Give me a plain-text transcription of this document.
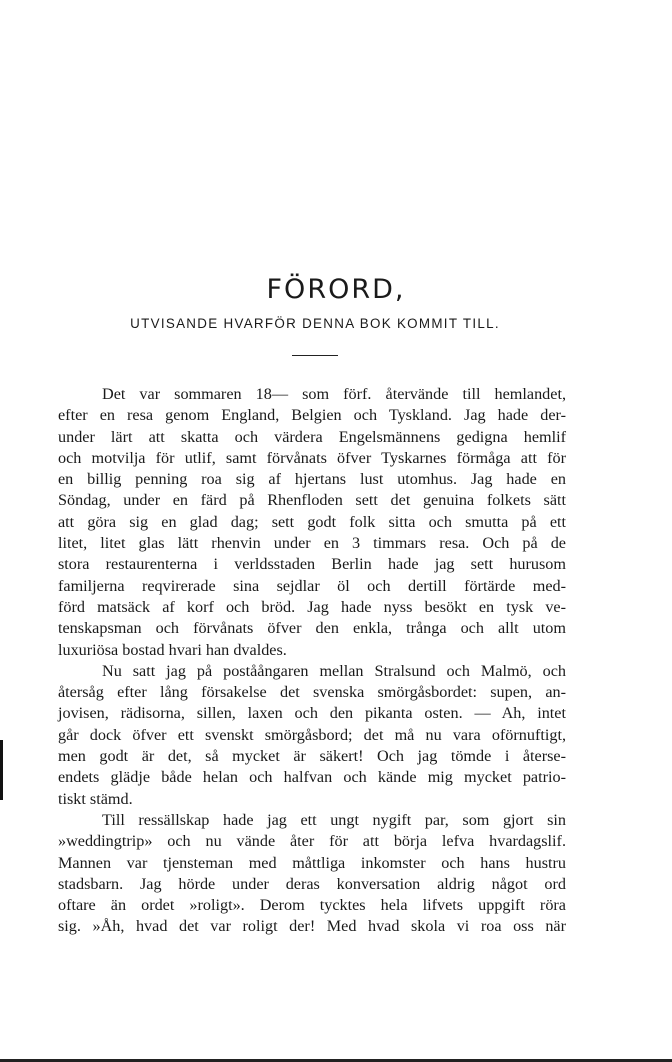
FÖRORD,
UTVISANDE HVARFÖR DENNA BOK KOMMIT TILL.
Det var sommaren 18— som förf. återvände till hemlandet,
efter en resa genom England, Belgien och Tyskland. Jag hade der-
under lärt att skatta och värdera Engelsmännens gedigna hemlif
och motvilja för utlif, samt förvånats öfver Tyskarnes förmåga att för
en billig penning roa sig af hjertans lust utomhus. Jag hade en
Söndag, under en färd på Rhenfloden sett det genuina folkets sätt
att göra sig en glad dag; sett godt folk sitta och smutta på ett
litet, litet glas lätt rhenvin under en 3 timmars resa. Och på de
stora restaurenterna i verldsstaden Berlin hade jag sett hurusom
familjerna reqvirerade sina sejdlar öl och dertill förtärde med-
förd matsäck af korf och bröd. Jag hade nyss besökt en tysk ve-
tenskapsman och förvånats öfver den enkla, trånga och allt utom
luxuriösa bostad hvari han dvaldes.
Nu satt jag på poståångaren mellan Stralsund och Malmö, och
återsåg efter lång försakelse det svenska smörgåsbordet: supen, an-
jovisen, rädisorna, sillen, laxen och den pikanta osten. — Ah, intet
går dock öfver ett svenskt smörgåsbord; det må nu vara oförnuftigt,
men godt är det, så mycket är säkert! Och jag tömde i återse-
endets glädje både helan och halfvan och kände mig mycket patrio-
tiskt stämd.
Till ressällskap hade jag ett ungt nygift par, som gjort sin
»weddingtrip» och nu vände åter för att börja lefva hvardagslif.
Mannen var tjensteman med måttliga inkomster och hans hustru
stadsbarn. Jag hörde under deras konversation aldrig något ord
oftare än ordet »roligt». Derom tycktes hela lifvets uppgift röra
sig. »Åh, hvad det var roligt der! Med hvad skola vi roa oss när
